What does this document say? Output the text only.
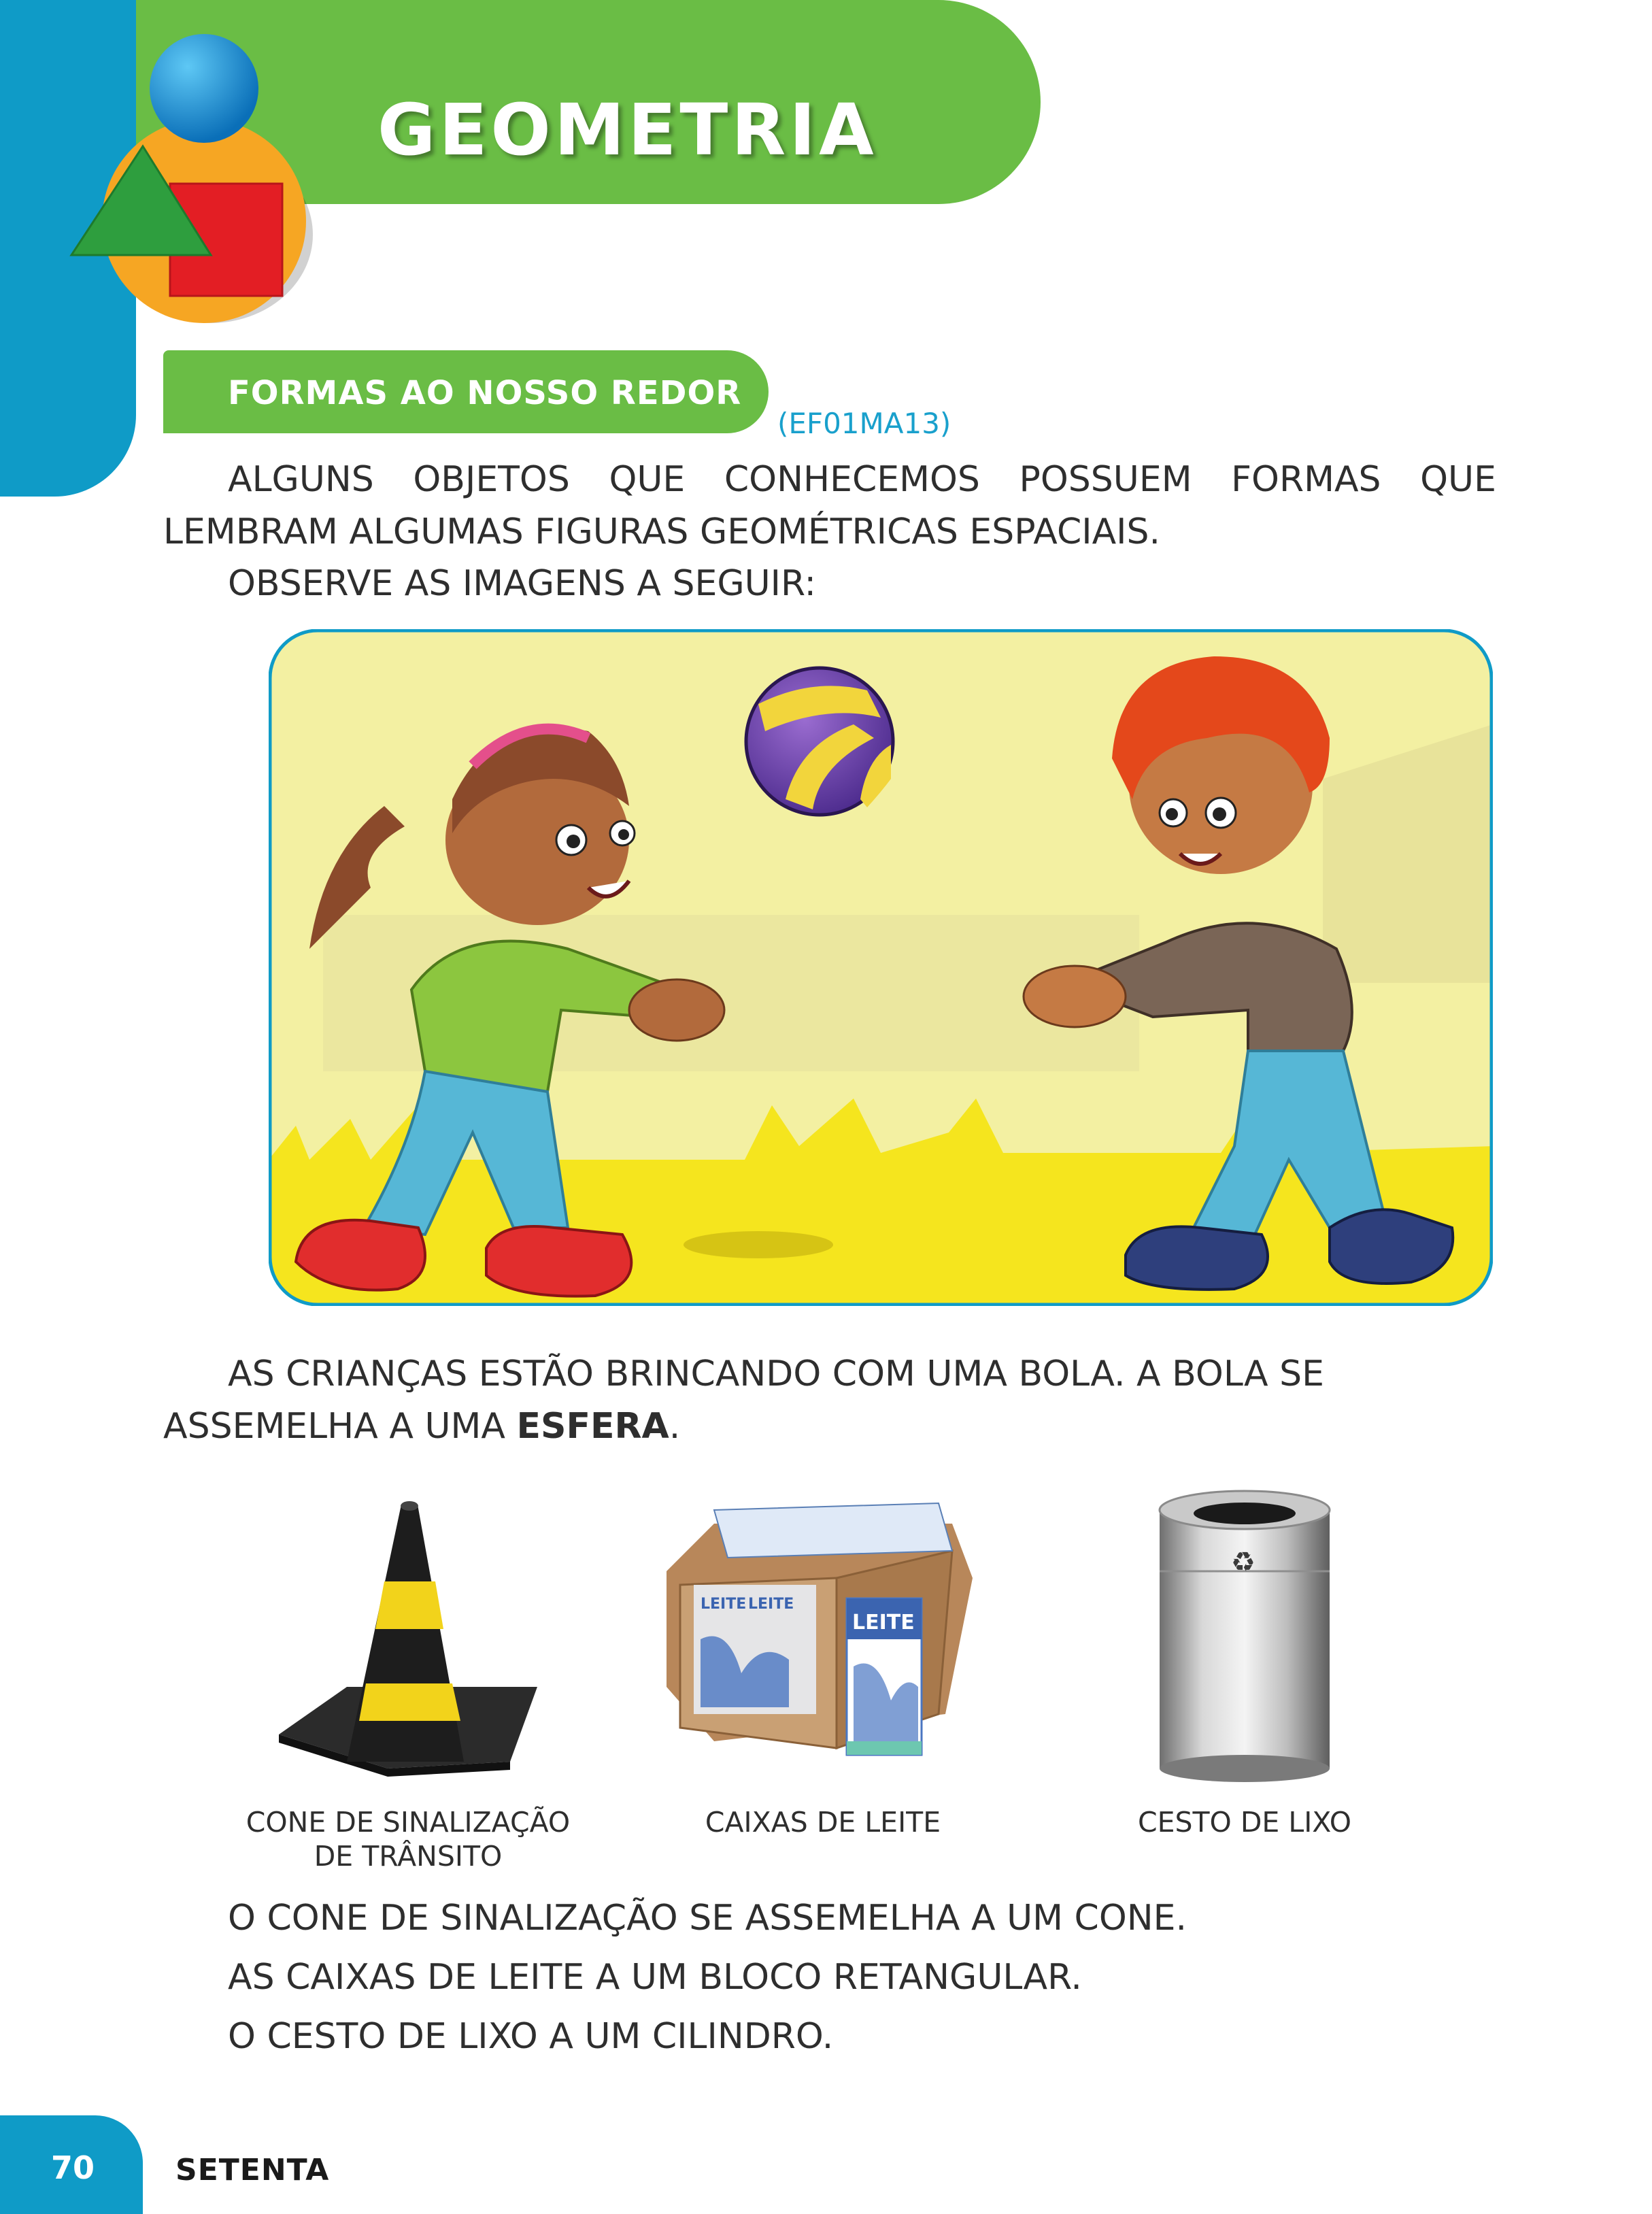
GEOMETRIA
FORMAS AO NOSSO REDOR
(EF01MA13)
ALGUNS OBJETOS QUE CONHECEMOS POSSUEM FORMAS QUE
LEMBRAM ALGUMAS FIGURAS GEOMÉTRICAS ESPACIAIS.
OBSERVE AS IMAGENS A SEGUIR:
AS CRIANÇAS ESTÃO BRINCANDO COM UMA BOLA. A BOLA SE
ASSEMELHA A UMA ESFERA.
CONE DE SINALIZAÇÃO
DE TRÂNSITO
LEITE LEITE
LEITE
CAIXAS DE LEITE
♻
CESTO DE LIXO
O CONE DE SINALIZAÇÃO SE ASSEMELHA A UM CONE.
AS CAIXAS DE LEITE A UM BLOCO RETANGULAR.
O CESTO DE LIXO A UM CILINDRO.
70	SETENTA
